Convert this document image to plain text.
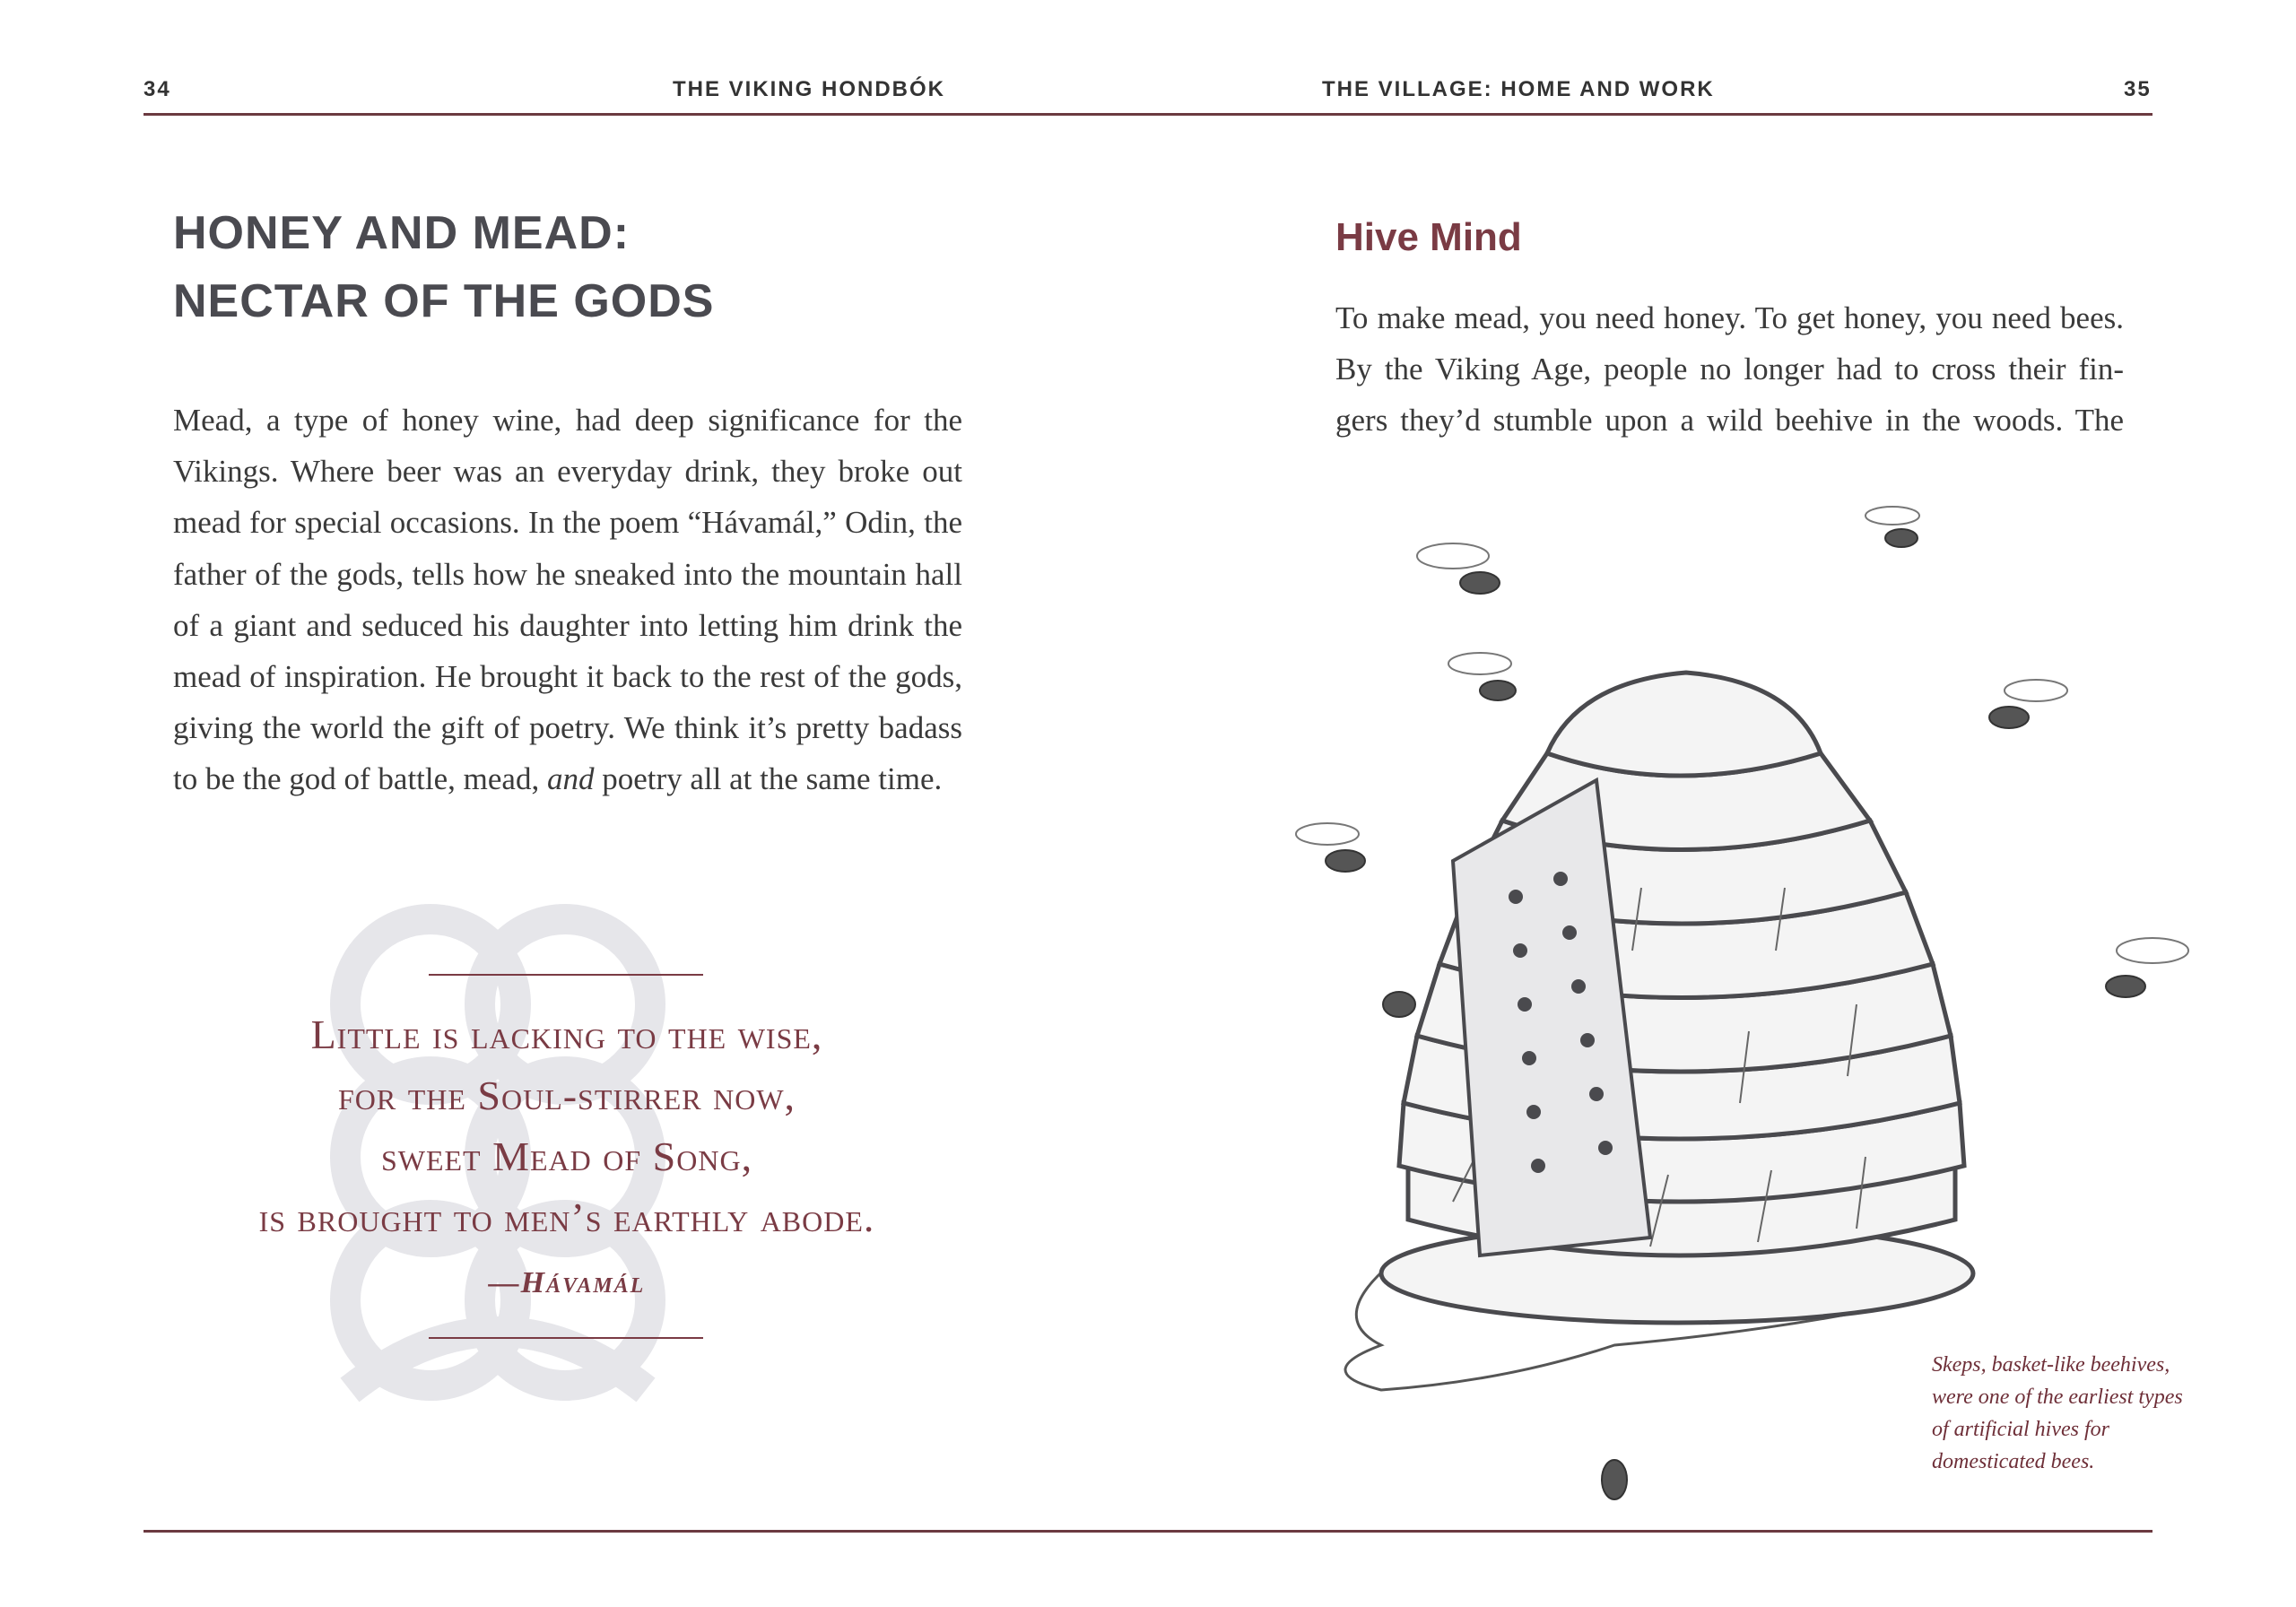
34	THE VIKING HONDBÓK	THE VILLAGE: HOME AND WORK	35
HONEY AND MEAD:
NECTAR OF THE GODS

Mead, a type of honey wine, had deep significance for the Vikings. Where beer was an everyday drink, they broke out mead for special occasions. In the poem “Hávamál,” Odin, the father of the gods, tells how he sneaked into the mountain hall of a giant and seduced his daughter into letting him drink the mead of inspiration. He brought it back to the rest of the gods, giving the world the gift of poetry. We think it’s pretty badass to be the god of battle, mead, and poetry all at the same time.

Little is lacking to the wise,
for the Soul-stirrer now,
sweet Mead of Song,
is brought to men’s earthly abode.
—Hávamál
Hive Mind
To make mead, you need honey. To get honey, you need bees. By the Viking Age, people no longer had to cross their fin-gers they’d stumble upon a wild beehive in the woods. The
Skeps, basket-like beehives, were one of the earliest types of artificial hives for domesticated bees.
